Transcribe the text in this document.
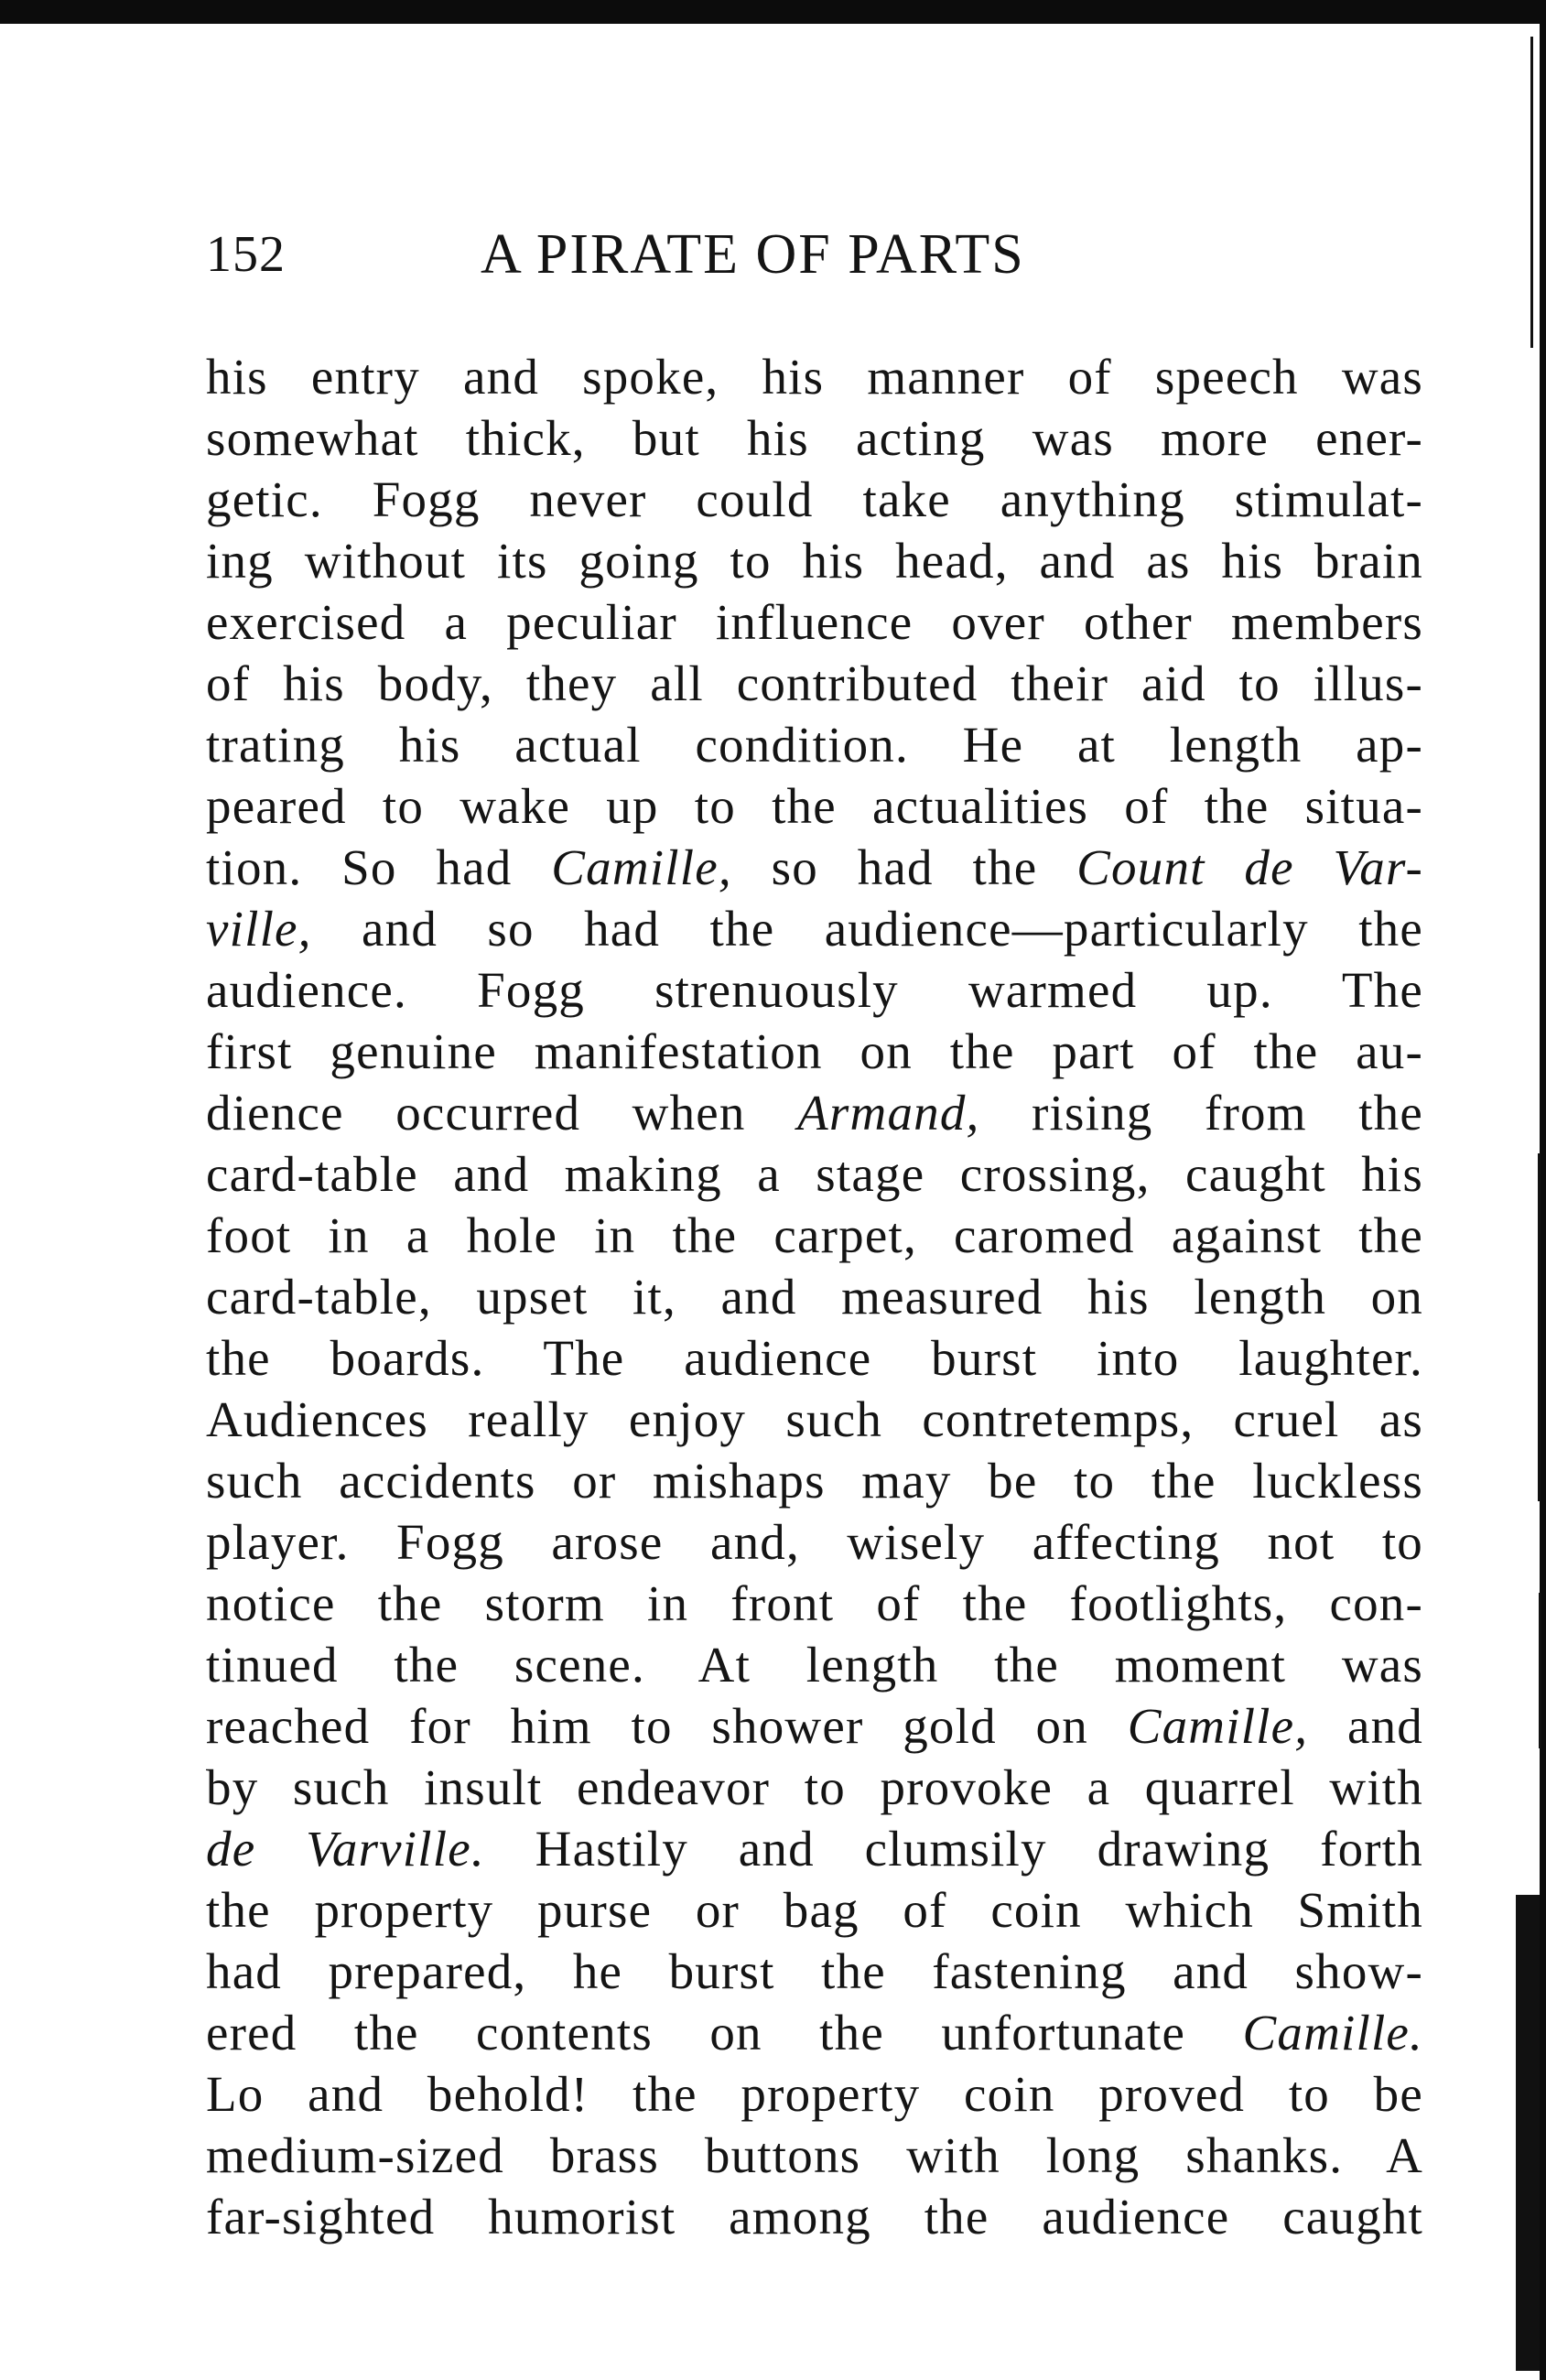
152	A PIRATE OF PARTS
his entry and spoke, his manner of speech was
somewhat thick, but his acting was more ener-
getic. Fogg never could take anything stimulat-
ing without its going to his head, and as his brain
exercised a peculiar influence over other members
of his body, they all contributed their aid to illus-
trating his actual condition. He at length ap-
peared to wake up to the actualities of the situa-
tion. So had Camille, so had the Count de Var-
ville, and so had the audience—particularly the
audience. Fogg strenuously warmed up. The
first genuine manifestation on the part of the au-
dience occurred when Armand, rising from the
card-table and making a stage crossing, caught his
foot in a hole in the carpet, caromed against the
card-table, upset it, and measured his length on
the boards. The audience burst into laughter.
Audiences really enjoy such contretemps, cruel as
such accidents or mishaps may be to the luckless
player. Fogg arose and, wisely affecting not to
notice the storm in front of the footlights, con-
tinued the scene. At length the moment was
reached for him to shower gold on Camille, and
by such insult endeavor to provoke a quarrel with
de Varville. Hastily and clumsily drawing forth
the property purse or bag of coin which Smith
had prepared, he burst the fastening and show-
ered the contents on the unfortunate Camille.
Lo and behold! the property coin proved to be
medium-sized brass buttons with long shanks. A
far-sighted humorist among the audience caught
